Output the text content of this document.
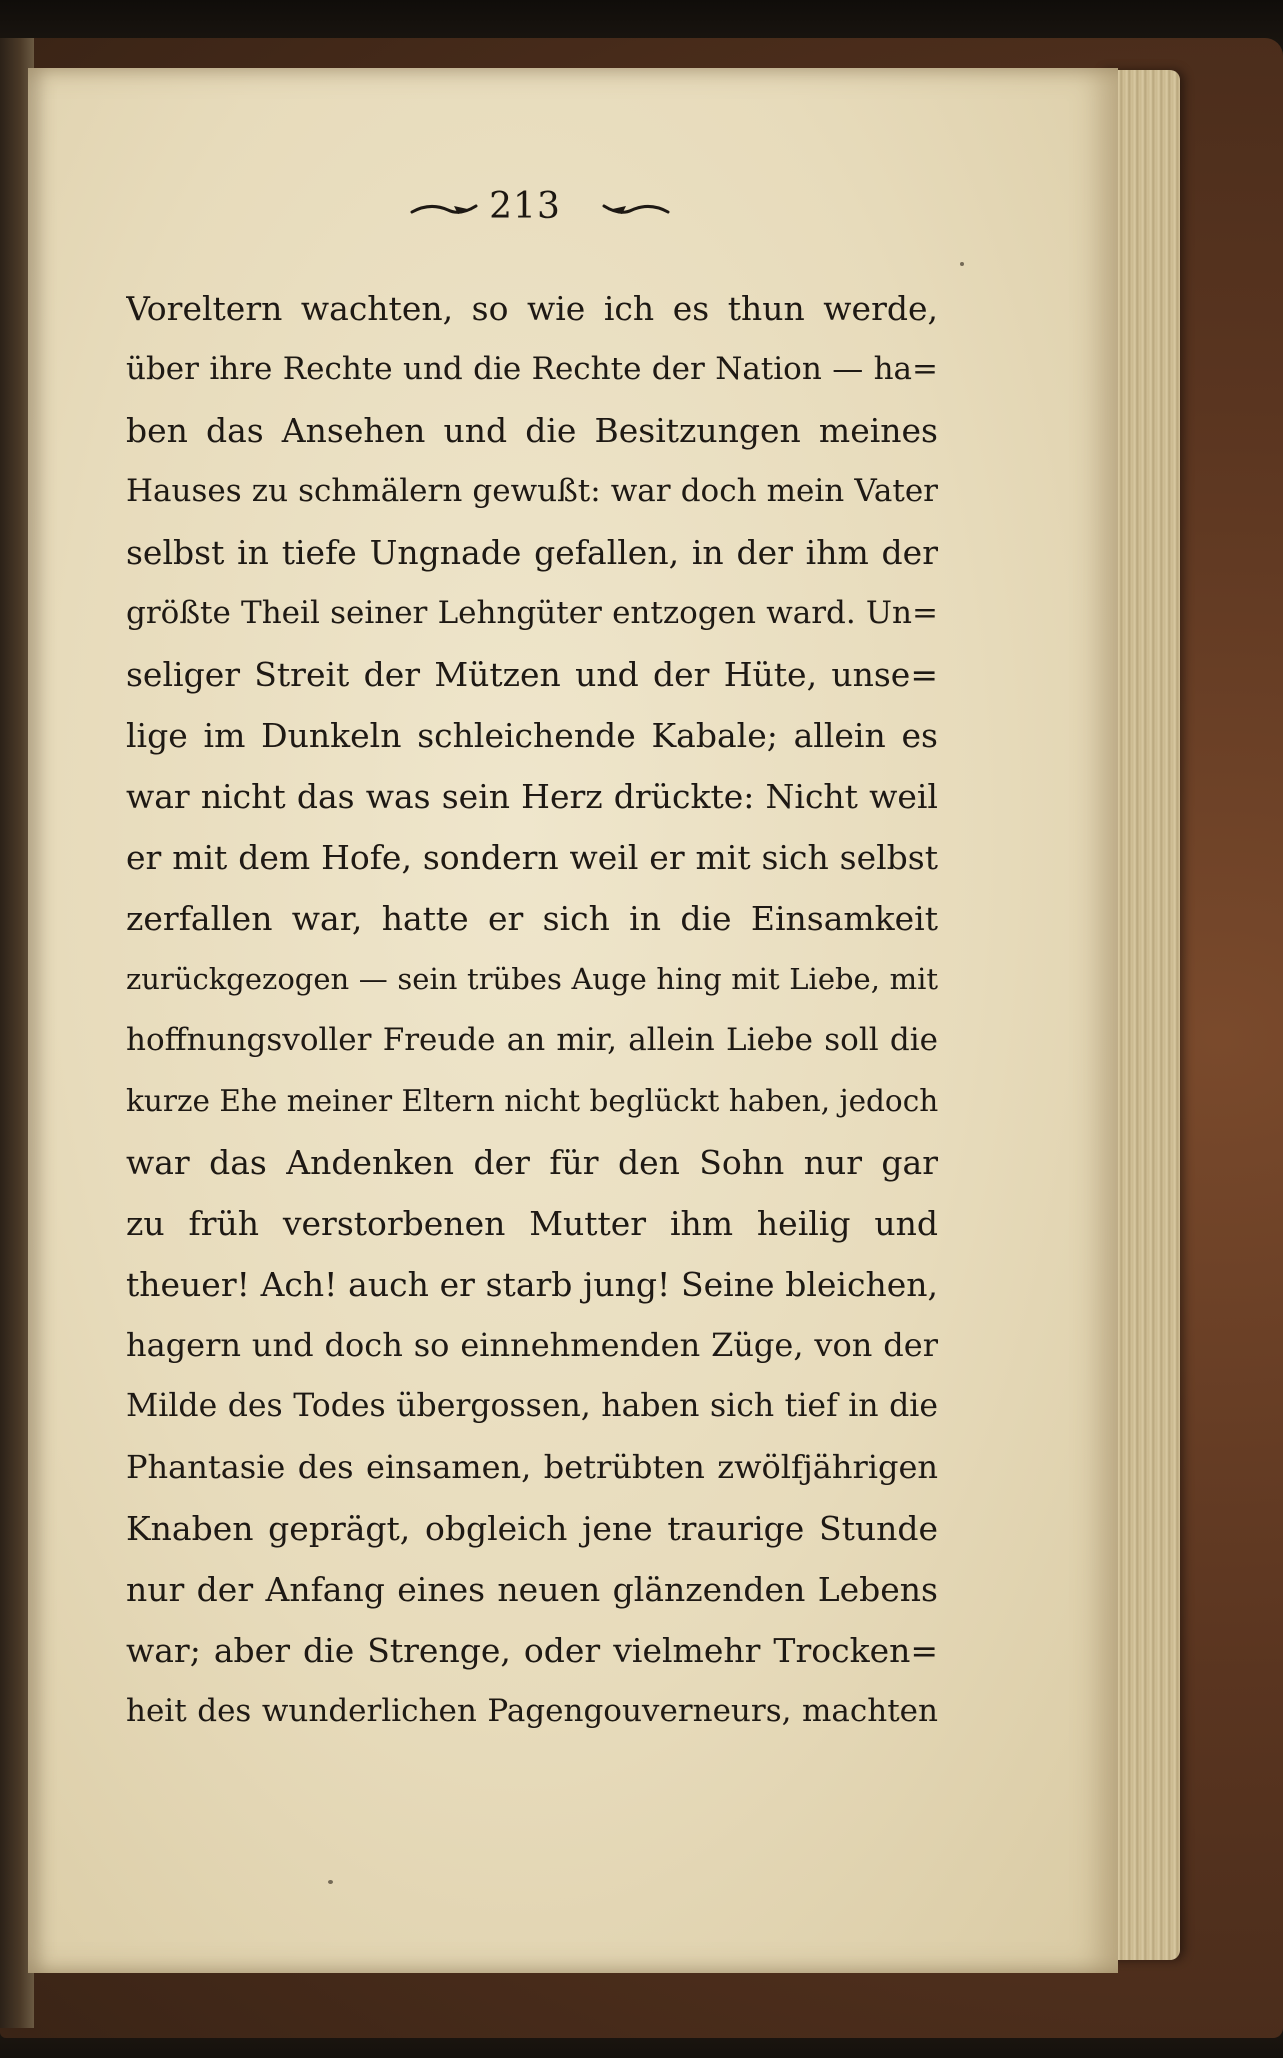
213
Voreltern wachten, so wie ich es thun werde,
über ihre Rechte und die Rechte der Nation — ha=
ben das Ansehen und die Besitzungen meines
Hauses zu schmälern gewußt: war doch mein Vater
selbst in tiefe Ungnade gefallen, in der ihm der
größte Theil seiner Lehngüter entzogen ward. Un=
seliger Streit der Mützen und der Hüte, unse=
lige im Dunkeln schleichende Kabale; allein es
war nicht das was sein Herz drückte: Nicht weil
er mit dem Hofe, sondern weil er mit sich selbst
zerfallen war, hatte er sich in die Einsamkeit
zurückgezogen — sein trübes Auge hing mit Liebe, mit
hoffnungsvoller Freude an mir, allein Liebe soll die
kurze Ehe meiner Eltern nicht beglückt haben, jedoch
war das Andenken der für den Sohn nur gar
zu früh verstorbenen Mutter ihm heilig und
theuer! Ach! auch er starb jung! Seine bleichen,
hagern und doch so einnehmenden Züge, von der
Milde des Todes übergossen, haben sich tief in die
Phantasie des einsamen, betrübten zwölfjährigen
Knaben geprägt, obgleich jene traurige Stunde
nur der Anfang eines neuen glänzenden Lebens
war; aber die Strenge, oder vielmehr Trocken=
heit des wunderlichen Pagengouverneurs, machten
